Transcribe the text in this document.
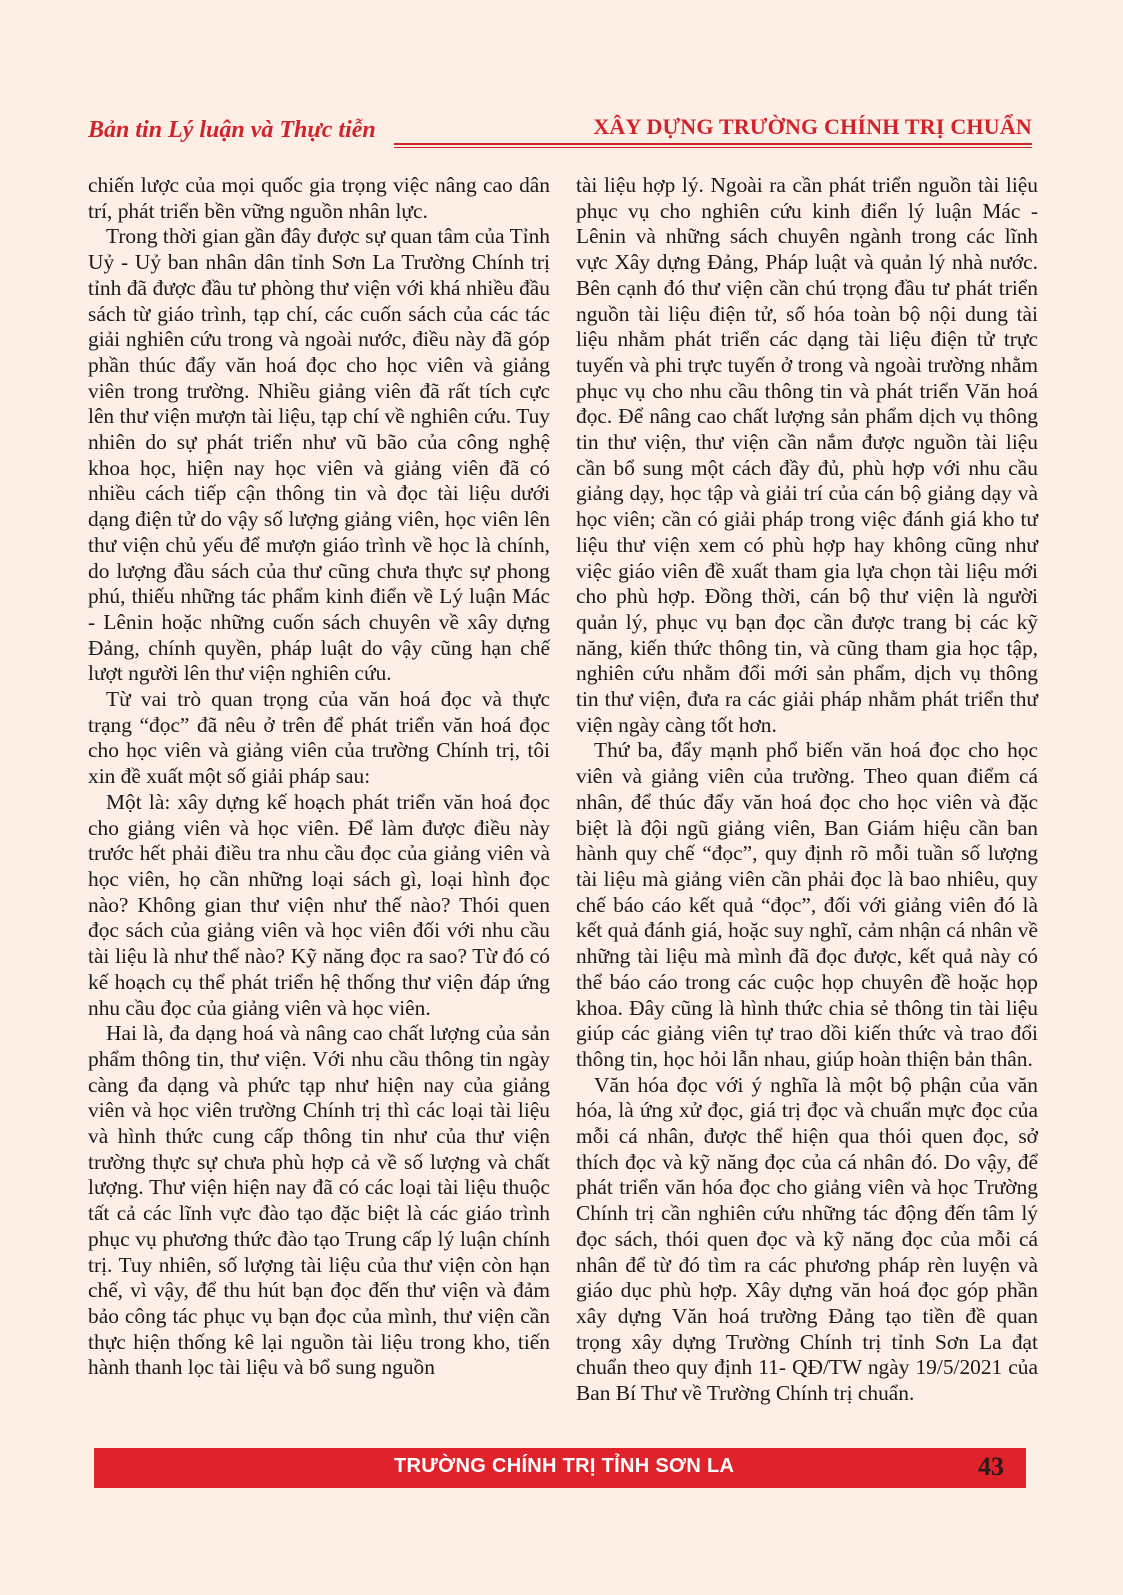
Bản tin Lý luận và Thực tiễn	XÂY DỰNG TRƯỜNG CHÍNH TRỊ CHUẨN

chiến lược của mọi quốc gia trọng việc nâng cao dân trí, phát triển bền vững nguồn nhân lực.

Trong thời gian gần đây được sự quan tâm của Tỉnh Uỷ - Uỷ ban nhân dân tỉnh Sơn La Trường Chính trị tỉnh đã được đầu tư phòng thư viện với khá nhiều đầu sách từ giáo trình, tạp chí, các cuốn sách của các tác giải nghiên cứu trong và ngoài nước, điều này đã góp phần thúc đẩy văn hoá đọc cho học viên và giảng viên trong trường. Nhiều giảng viên đã rất tích cực lên thư viện mượn tài liệu, tạp chí về nghiên cứu. Tuy nhiên do sự phát triển như vũ bão của công nghệ khoa học, hiện nay học viên và giảng viên đã có nhiều cách tiếp cận thông tin và đọc tài liệu dưới dạng điện tử do vậy số lượng giảng viên, học viên lên thư viện chủ yếu để mượn giáo trình về học là chính, do lượng đầu sách của thư cũng chưa thực sự phong phú, thiếu những tác phẩm kinh điển về Lý luận Mác - Lênin hoặc những cuốn sách chuyên về xây dựng Đảng, chính quyền, pháp luật do vậy cũng hạn chế lượt người lên thư viện nghiên cứu.

Từ vai trò quan trọng của văn hoá đọc và thực trạng “đọc” đã nêu ở trên để phát triển văn hoá đọc cho học viên và giảng viên của trường Chính trị, tôi xin đề xuất một số giải pháp sau:

Một là: xây dựng kế hoạch phát triển văn hoá đọc cho giảng viên và học viên. Để làm được điều này trước hết phải điều tra nhu cầu đọc của giảng viên và học viên, họ cần những loại sách gì, loại hình đọc nào? Không gian thư viện như thế nào? Thói quen đọc sách của giảng viên và học viên đối với nhu cầu tài liệu là như thế nào? Kỹ năng đọc ra sao? Từ đó có kế hoạch cụ thể phát triển hệ thống thư viện đáp ứng nhu cầu đọc của giảng viên và học viên.

Hai là, đa dạng hoá và nâng cao chất lượng của sản phẩm thông tin, thư viện. Với nhu cầu thông tin ngày càng đa dạng và phức tạp như hiện nay của giảng viên và học viên trường Chính trị thì các loại tài liệu và hình thức cung cấp thông tin như của thư viện trường thực sự chưa phù hợp cả về số lượng và chất lượng. Thư viện hiện nay đã có các loại tài liệu thuộc tất cả các lĩnh vực đào tạo đặc biệt là các giáo trình phục vụ phương thức đào tạo Trung cấp lý luận chính trị. Tuy nhiên, số lượng tài liệu của thư viện còn hạn chế, vì vậy, để thu hút bạn đọc đến thư viện và đảm bảo công tác phục vụ bạn đọc của mình, thư viện cần thực hiện thống kê lại nguồn tài liệu trong kho, tiến hành thanh lọc tài liệu và bổ sung nguồn

tài liệu hợp lý. Ngoài ra cần phát triển nguồn tài liệu phục vụ cho nghiên cứu kinh điển lý luận Mác - Lênin và những sách chuyên ngành trong các lĩnh vực Xây dựng Đảng, Pháp luật và quản lý nhà nước. Bên cạnh đó thư viện cần chú trọng đầu tư phát triển nguồn tài liệu điện tử, số hóa toàn bộ nội dung tài liệu nhằm phát triển các dạng tài liệu điện tử trực tuyến và phi trực tuyến ở trong và ngoài trường nhằm phục vụ cho nhu cầu thông tin và phát triển Văn hoá đọc. Để nâng cao chất lượng sản phẩm dịch vụ thông tin thư viện, thư viện cần nắm được nguồn tài liệu cần bổ sung một cách đầy đủ, phù hợp với nhu cầu giảng dạy, học tập và giải trí của cán bộ giảng dạy và học viên; cần có giải pháp trong việc đánh giá kho tư liệu thư viện xem có phù hợp hay không cũng như việc giáo viên đề xuất tham gia lựa chọn tài liệu mới cho phù hợp. Đồng thời, cán bộ thư viện là người quản lý, phục vụ bạn đọc cần được trang bị các kỹ năng, kiến thức thông tin, và cũng tham gia học tập, nghiên cứu nhằm đổi mới sản phẩm, dịch vụ thông tin thư viện, đưa ra các giải pháp nhằm phát triển thư viện ngày càng tốt hơn.

Thứ ba, đẩy mạnh phổ biến văn hoá đọc cho học viên và giảng viên của trường. Theo quan điểm cá nhân, để thúc đẩy văn hoá đọc cho học viên và đặc biệt là đội ngũ giảng viên, Ban Giám hiệu cần ban hành quy chế “đọc”, quy định rõ mỗi tuần số lượng tài liệu mà giảng viên cần phải đọc là bao nhiêu, quy chế báo cáo kết quả “đọc”, đối với giảng viên đó là kết quả đánh giá, hoặc suy nghĩ, cảm nhận cá nhân về những tài liệu mà mình đã đọc được, kết quả này có thể báo cáo trong các cuộc họp chuyên đề hoặc họp khoa. Đây cũng là hình thức chia sẻ thông tin tài liệu giúp các giảng viên tự trao dồi kiến thức và trao đổi thông tin, học hỏi lẫn nhau, giúp hoàn thiện bản thân.

Văn hóa đọc với ý nghĩa là một bộ phận của văn hóa, là ứng xử đọc, giá trị đọc và chuẩn mực đọc của mỗi cá nhân, được thể hiện qua thói quen đọc, sở thích đọc và kỹ năng đọc của cá nhân đó. Do vậy, để phát triển văn hóa đọc cho giảng viên và học Trường Chính trị cần nghiên cứu những tác động đến tâm lý đọc sách, thói quen đọc và kỹ năng đọc của mỗi cá nhân để từ đó tìm ra các phương pháp rèn luyện và giáo dục phù hợp. Xây dựng văn hoá đọc góp phần xây dựng Văn hoá trường Đảng tạo tiền đề quan trọng xây dựng Trường Chính trị tỉnh Sơn La đạt chuẩn theo quy định 11- QĐ/TW ngày 19/5/2021 của Ban Bí Thư về Trường Chính trị chuẩn.

TRƯỜNG CHÍNH TRỊ TỈNH SƠN LA	43
